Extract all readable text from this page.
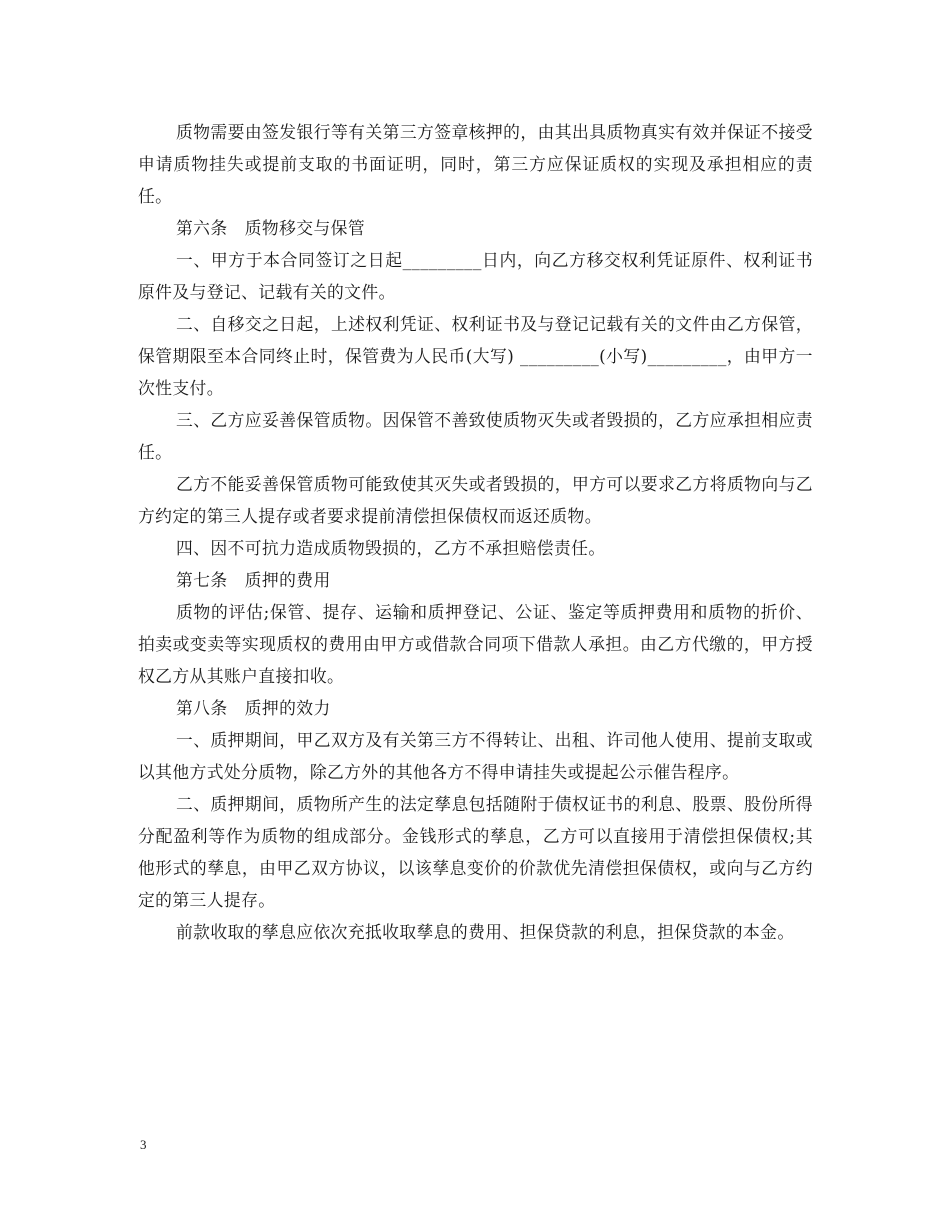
质物需要由签发银行等有关第三方签章核押的，由其出具质物真实有效并保证不接受申请质物挂失或提前支取的书面证明，同时，第三方应保证质权的实现及承担相应的责任。

第六条　质物移交与保管

一、甲方于本合同签订之日起_________日内，向乙方移交权利凭证原件、权利证书原件及与登记、记载有关的文件。

二、自移交之日起，上述权利凭证、权利证书及与登记记载有关的文件由乙方保管，保管期限至本合同终止时，保管费为人民币(大写) _________(小写)_________，由甲方一次性支付。

三、乙方应妥善保管质物。因保管不善致使质物灭失或者毁损的，乙方应承担相应责任。

乙方不能妥善保管质物可能致使其灭失或者毁损的，甲方可以要求乙方将质物向与乙方约定的第三人提存或者要求提前清偿担保债权而返还质物。

四、因不可抗力造成质物毁损的，乙方不承担赔偿责任。

第七条　质押的费用

质物的评估;保管、提存、运输和质押登记、公证、鉴定等质押费用和质物的折价、拍卖或变卖等实现质权的费用由甲方或借款合同项下借款人承担。由乙方代缴的，甲方授权乙方从其账户直接扣收。

第八条　质押的效力

一、质押期间，甲乙双方及有关第三方不得转让、出租、许司他人使用、提前支取或以其他方式处分质物，除乙方外的其他各方不得申请挂失或提起公示催告程序。

二、质押期间，质物所产生的法定孳息包括随附于债权证书的利息、股票、股份所得分配盈利等作为质物的组成部分。金钱形式的孳息，乙方可以直接用于清偿担保债权;其他形式的孳息，由甲乙双方协议，以该孳息变价的价款优先清偿担保债权，或向与乙方约定的第三人提存。

前款收取的孳息应依次充抵收取孳息的费用、担保贷款的利息，担保贷款的本金。

3
